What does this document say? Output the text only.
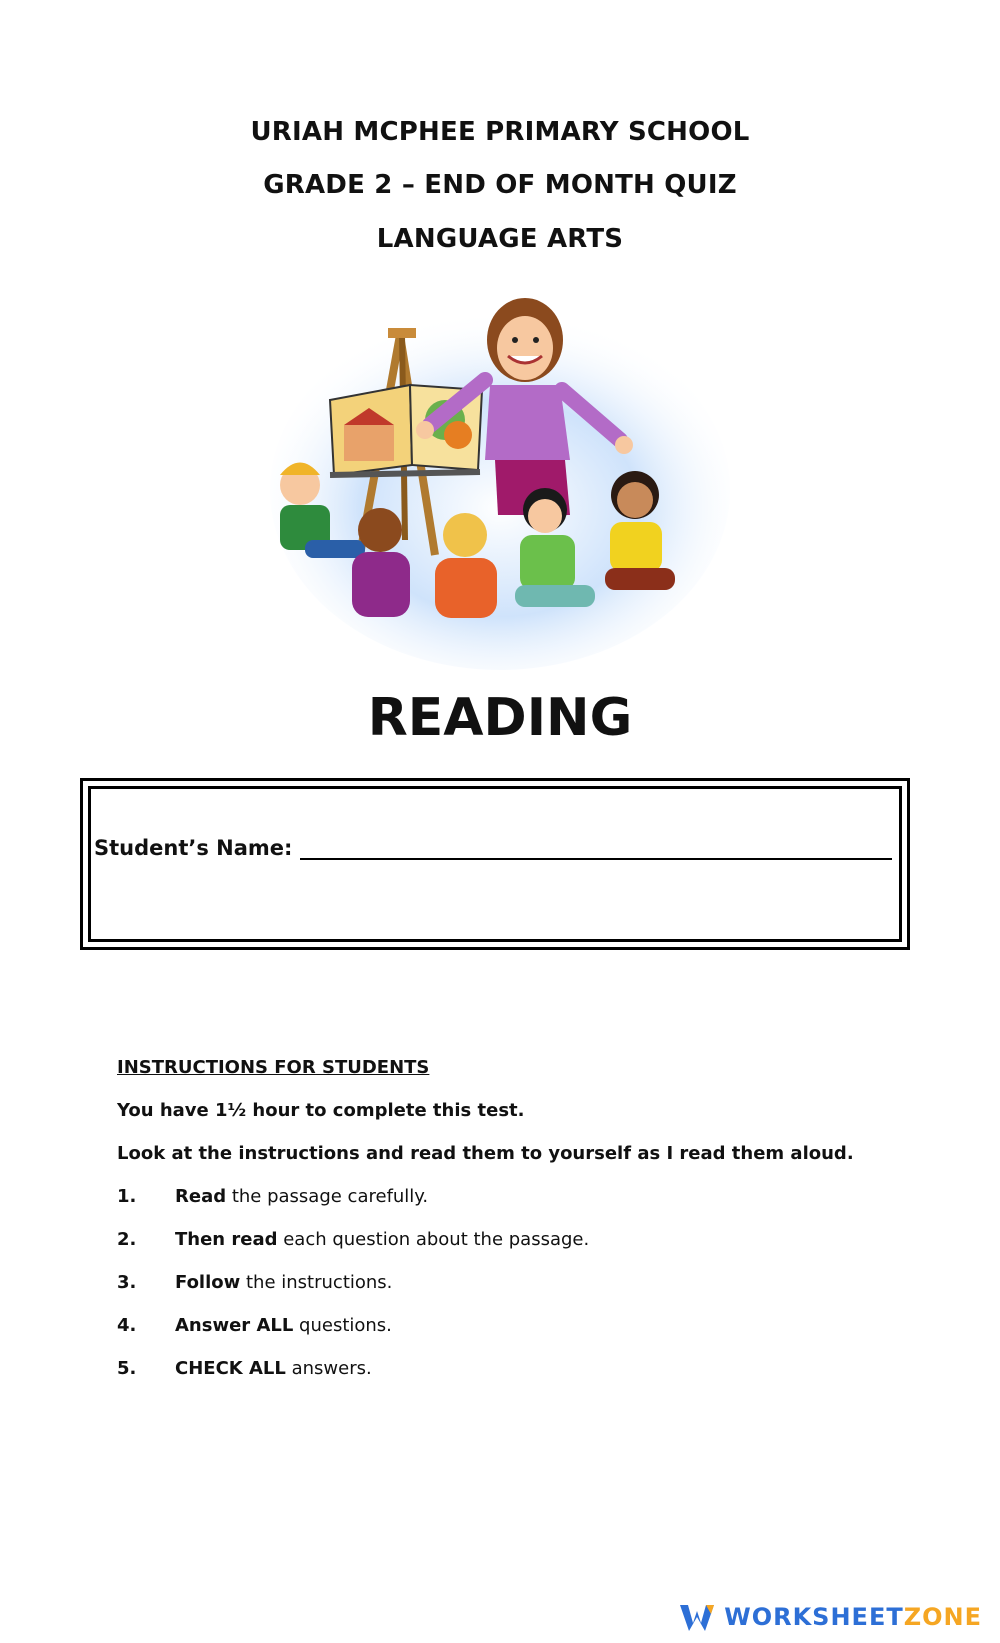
URIAH MCPHEE PRIMARY SCHOOL
GRADE 2 – END OF MONTH QUIZ
LANGUAGE ARTS
READING
Student’s Name:
INSTRUCTIONS FOR STUDENTS
You have 1½ hour to complete this test.
Look at the instructions and read them to yourself as I read them aloud.
1. Read the passage carefully.
2. Then read each question about the passage.
3. Follow the instructions.
4. Answer ALL questions.
5. CHECK ALL answers.
WORKSHEET ZONE
